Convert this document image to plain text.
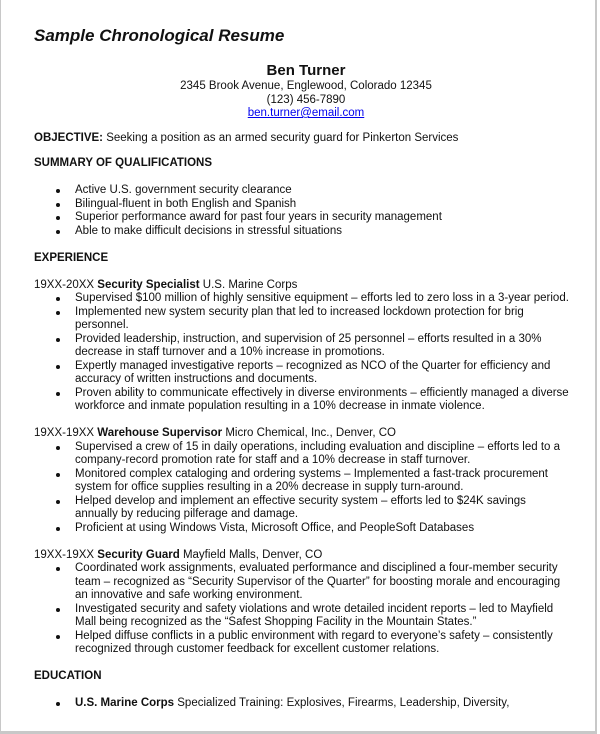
Sample Chronological Resume
Ben Turner
2345 Brook Avenue, Englewood, Colorado 12345
(123) 456-7890
ben.turner@email.com
OBJECTIVE: Seeking a position as an armed security guard for Pinkerton Services
SUMMARY OF QUALIFICATIONS
Active U.S. government security clearance
Bilingual-fluent in both English and Spanish
Superior performance award for past four years in security management
Able to make difficult decisions in stressful situations
EXPERIENCE
19XX-20XX Security Specialist U.S. Marine Corps
Supervised $100 million of highly sensitive equipment – efforts led to zero loss in a 3-year period.
Implemented new system security plan that led to increased lockdown protection for brig personnel.
Provided leadership, instruction, and supervision of 25 personnel – efforts resulted in a 30% decrease in staff turnover and a 10% increase in promotions.
Expertly managed investigative reports – recognized as NCO of the Quarter for efficiency and accuracy of written instructions and documents.
Proven ability to communicate effectively in diverse environments – efficiently managed a diverse workforce and inmate population resulting in a 10% decrease in inmate violence.
19XX-19XX Warehouse Supervisor Micro Chemical, Inc., Denver, CO
Supervised a crew of 15 in daily operations, including evaluation and discipline – efforts led to a company-record promotion rate for staff and a 10% decrease in staff turnover.
Monitored complex cataloging and ordering systems – Implemented a fast-track procurement system for office supplies resulting in a 20% decrease in supply turn-around.
Helped develop and implement an effective security system – efforts led to $24K savings annually by reducing pilferage and damage.
Proficient at using Windows Vista, Microsoft Office, and PeopleSoft Databases
19XX-19XX Security Guard Mayfield Malls, Denver, CO
Coordinated work assignments, evaluated performance and disciplined a four-member security team – recognized as “Security Supervisor of the Quarter” for boosting morale and encouraging an innovative and safe working environment.
Investigated security and safety violations and wrote detailed incident reports – led to Mayfield Mall being recognized as the “Safest Shopping Facility in the Mountain States.”
Helped diffuse conflicts in a public environment with regard to everyone’s safety – consistently recognized through customer feedback for excellent customer relations.
EDUCATION
U.S. Marine Corps Specialized Training: Explosives, Firearms, Leadership, Diversity,
